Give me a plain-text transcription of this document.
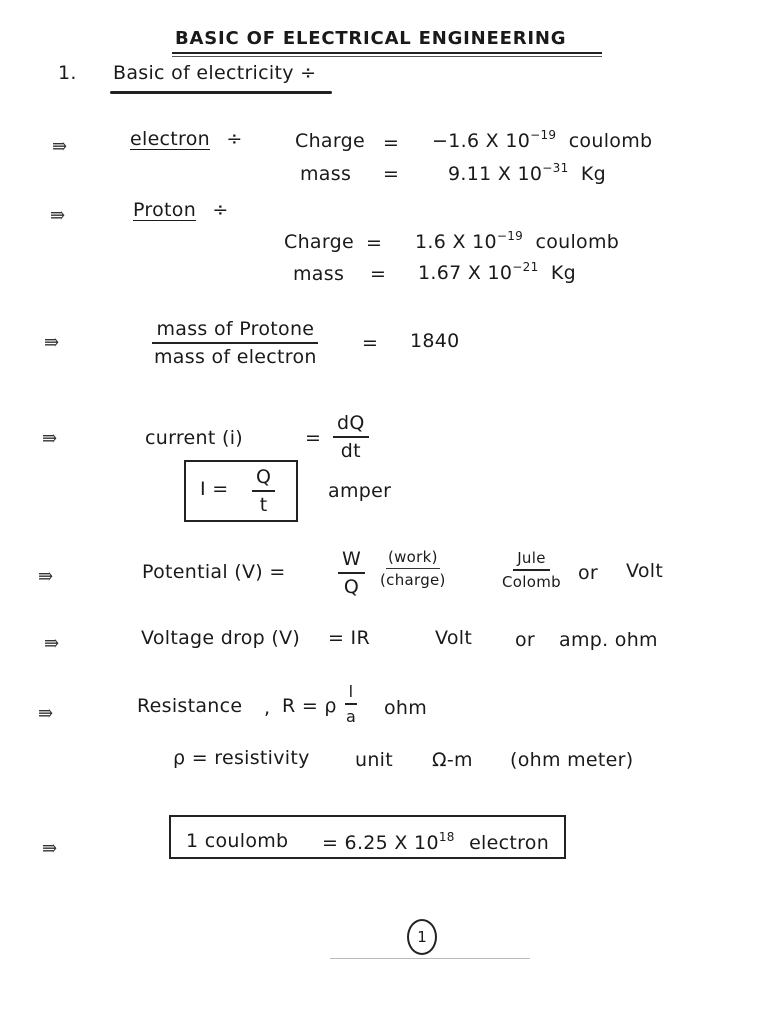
BASIC OF ELECTRICAL ENGINEERING
1. Basic of electricity ÷
⇛	electron ÷	Charge = −1.6 X $10^{-19}$ coulomb
mass =	9.11 X $10^{-31}$ Kg
⇛	Proton ÷
Charge = 1.6 X $10^{-19}$ coulomb
mass = 1.67 X $10^{-21}$ Kg
⇛
mass of Protone
mass of electron
= 1840
⇛	current (i)	= $\frac{dQ}{dt}$
$I = \frac{Q}{t}$	amper
⇛	Potential (V) =	$\frac{W}{Q}$ (work)
(charge)
Jule
Colomb or Volt
⇛	Voltage drop (V) = IR	Volt or amp. ohm
⇛	Resistance , R = ρ $\frac{l}{a}$ ohm
ρ = resistivity unit Ω-m (ohm meter)
⇛	1 coulomb = 6.25 X $10^{18}$ electron
1
